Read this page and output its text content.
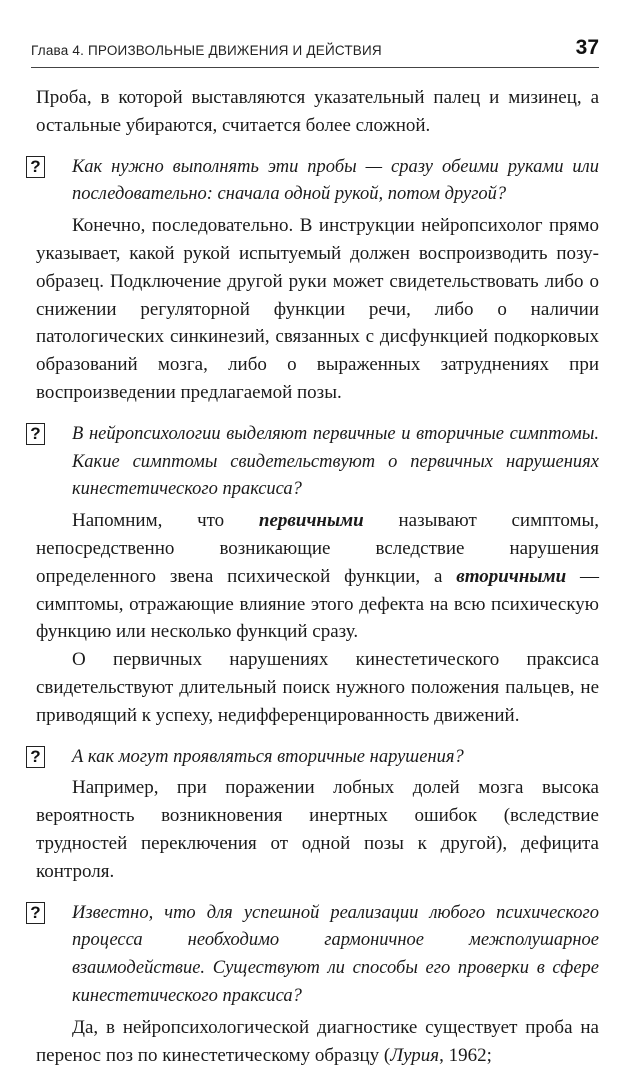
Глава 4. ПРОИЗВОЛЬНЫЕ ДВИЖЕНИЯ И ДЕЙСТВИЯ	37

Проба, в которой выставляются указательный палец и мизинец, а остальные убираются, считается более сложной.

? Как нужно выполнять эти пробы — сразу обеими руками или последовательно: сначала одной рукой, потом другой?

Конечно, последовательно. В инструкции нейропсихолог прямо указывает, какой рукой испытуемый должен воспроизводить позу-образец. Подключение другой руки может свидетельствовать либо о снижении регуляторной функции речи, либо о наличии патологических синкинезий, связанных с дисфункцией подкорковых образований мозга, либо о выраженных затруднениях при воспроизведении предлагаемой позы.

? В нейропсихологии выделяют первичные и вторичные симптомы. Какие симптомы свидетельствуют о первичных нарушениях кинестетического праксиса?

Напомним, что первичными называют симптомы, непосредственно возникающие вследствие нарушения определенного звена психической функции, а вторичными — симптомы, отражающие влияние этого дефекта на всю психическую функцию или несколько функций сразу.

О первичных нарушениях кинестетического праксиса свидетельствуют длительный поиск нужного положения пальцев, не приводящий к успеху, недифференцированность движений.

? А как могут проявляться вторичные нарушения?

Например, при поражении лобных долей мозга высока вероятность возникновения инертных ошибок (вследствие трудностей переключения от одной позы к другой), дефицита контроля.

? Известно, что для успешной реализации любого психического процесса необходимо гармоничное межполушарное взаимодействие. Существуют ли способы его проверки в сфере кинестетического праксиса?

Да, в нейропсихологической диагностике существует проба на перенос поз по кинестетическому образцу (Лурия, 1962;
